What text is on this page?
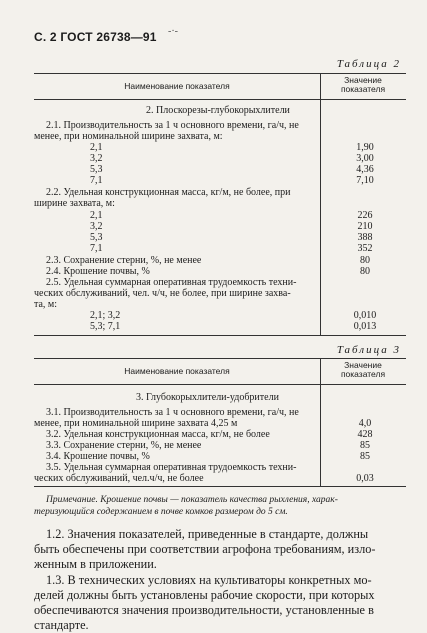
С. 2 ГОСТ 26738—91 -·-
Таблица 2
Наименование показателя
Значение
показателя
2. Плоскорезы-глубокорыхлители
2.1. Производительность за 1 ч основного времени, га/ч, не
менее, при номинальной ширине захвата, м:
2,1	1,90
3,2	3,00
5,3	4,36
7,1	7,10
2.2. Удельная конструкционная масса, кг/м, не более, при
ширине захвата, м:
2,1	226
3,2	210
5,3	388
7,1	352
2.3. Сохранение стерни, %, не менее	80
2.4. Крошение почвы, %	80
2.5. Удельная суммарная оперативная трудоемкость техни-
ческих обслуживаний, чел. ч/ч, не более, при ширине захва-
та, м:
2,1; 3,2	0,010
5,3; 7,1	0,013
Таблица 3
Наименование показателя
Значение
показателя
3. Глубокорыхлители-удобрители
3.1. Производительность за 1 ч основного времени, га/ч, не
менее, при номинальной ширине захвата 4,25 м	4,0
3.2. Удельная конструкционная масса, кг/м, не более	428
3.3. Сохранение стерни, %, не менее	85
3.4. Крошение почвы, %	85
3.5. Удельная суммарная оперативная трудоемкость техни-
ческих обслуживаний, чел.ч/ч, не более	0,03
Примечание. Крошение почвы — показатель качества рыхления, харак-
теризующийся содержанием в почве комков размером до 5 см.
1.2. Значения показателей, приведенные в стандарте, должны
быть обеспечены при соответствии агрофона требованиям, изло-
женным в приложении.
1.3. В технических условиях на культиваторы конкретных мо-
делей должны быть установлены рабочие скорости, при которых
обеспечиваются значения производительности, установленные в
стандарте.
